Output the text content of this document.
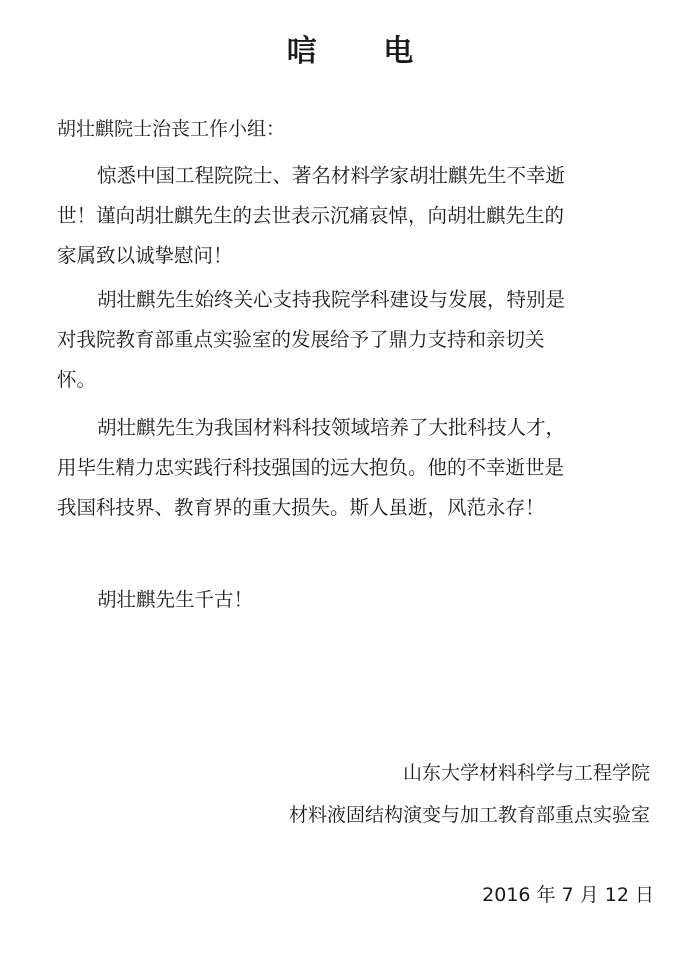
唁 电
胡壮麒院士治丧工作小组：
惊悉中国工程院院士、著名材料学家胡壮麒先生不幸逝
世！谨向胡壮麒先生的去世表示沉痛哀悼，向胡壮麒先生的
家属致以诚挚慰问！
胡壮麒先生始终关心支持我院学科建设与发展，特别是
对我院教育部重点实验室的发展给予了鼎力支持和亲切关
怀。
胡壮麒先生为我国材料科技领域培养了大批科技人才，
用毕生精力忠实践行科技强国的远大抱负。他的不幸逝世是
我国科技界、教育界的重大损失。斯人虽逝，风范永存！
胡壮麒先生千古！
山东大学材料科学与工程学院
材料液固结构演变与加工教育部重点实验室
2016 年 7 月 12 日
